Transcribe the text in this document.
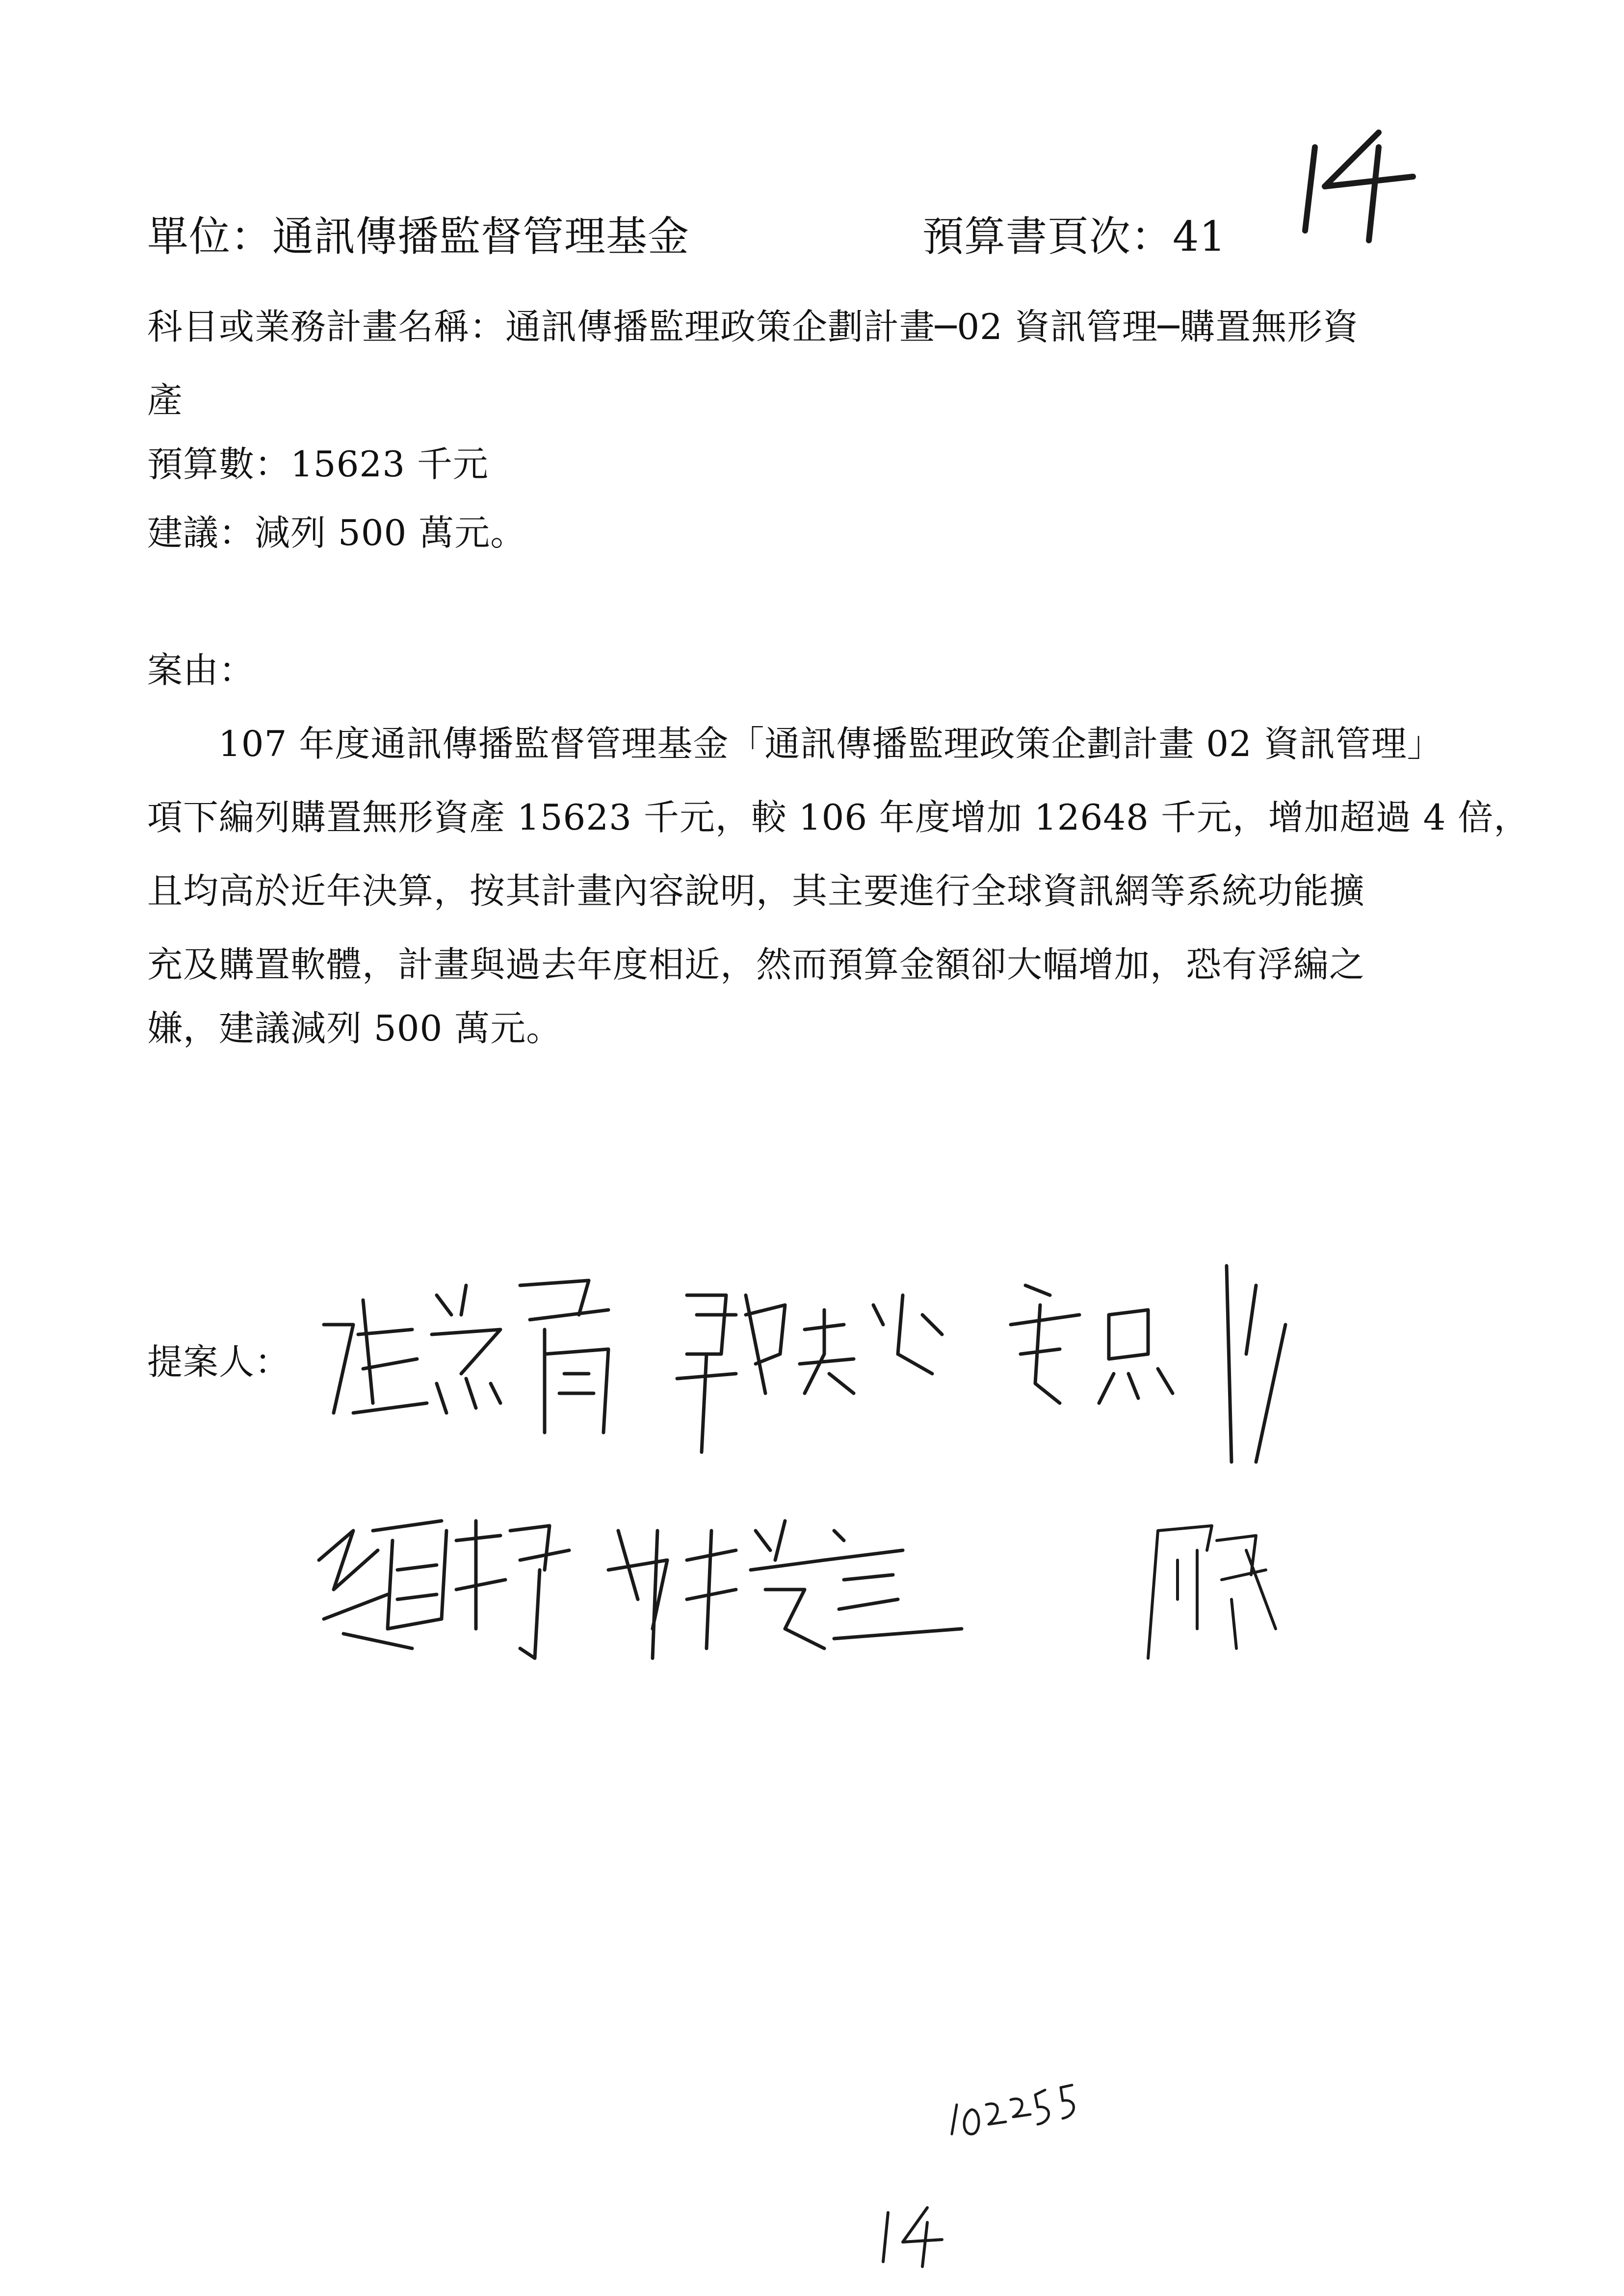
單位：通訊傳播監督管理基金	預算書頁次：41
科目或業務計畫名稱：通訊傳播監理政策企劃計畫─02 資訊管理─購置無形資
產
預算數：15623 千元
建議：減列 500 萬元。
案由：
107 年度通訊傳播監督管理基金「通訊傳播監理政策企劃計畫 02 資訊管理」
項下編列購置無形資產 15623 千元，較 106 年度增加 12648 千元，增加超過 4 倍，
且均高於近年決算，按其計畫內容說明，其主要進行全球資訊網等系統功能擴
充及購置軟體，計畫與過去年度相近，然而預算金額卻大幅增加，恐有浮編之
嫌，建議減列 500 萬元。
提案人：
